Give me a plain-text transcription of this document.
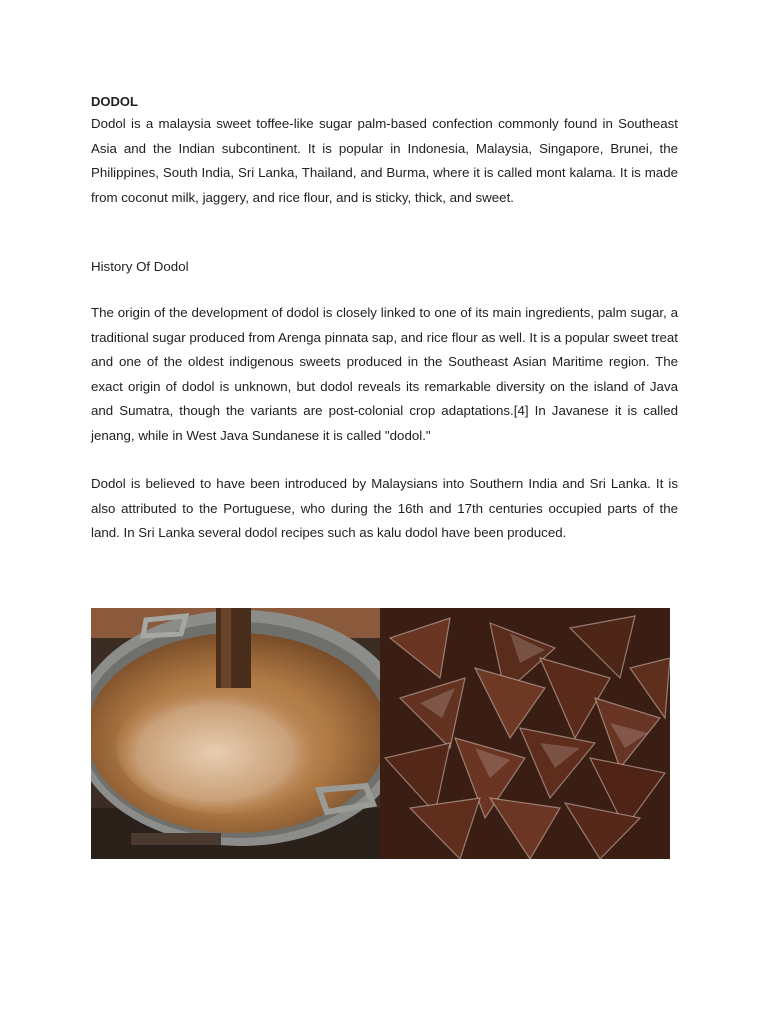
DODOL

Dodol is a malaysia sweet toffee-like sugar palm-based confection commonly found in Southeast Asia and the Indian subcontinent. It is popular in Indonesia, Malaysia, Singapore, Brunei, the Philippines, South India, Sri Lanka, Thailand, and Burma, where it is called mont kalama. It is made from coconut milk, jaggery, and rice flour, and is sticky, thick, and sweet.

History Of Dodol

The origin of the development of dodol is closely linked to one of its main ingredients, palm sugar, a traditional sugar produced from Arenga pinnata sap, and rice flour as well. It is a popular sweet treat and one of the oldest indigenous sweets produced in the Southeast Asian Maritime region. The exact origin of dodol is unknown, but dodol reveals its remarkable diversity on the island of Java and Sumatra, though the variants are post-colonial crop adaptations.[4] In Javanese it is called jenang, while in West Java Sundanese it is called "dodol."

Dodol is believed to have been introduced by Malaysians into Southern India and Sri Lanka. It is also attributed to the Portuguese, who during the 16th and 17th centuries occupied parts of the land. In Sri Lanka several dodol recipes such as kalu dodol have been produced.
